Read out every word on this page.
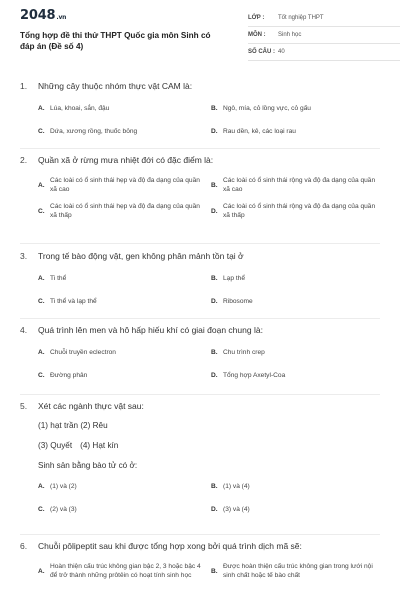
2048.vn
Tổng hợp đề thi thử THPT Quốc gia môn Sinh có đáp án (Đề số 4)
LỚP :	Tốt nghiệp THPT
MÔN :	Sinh học
SỐ CÂU : 40
1.	Những cây thuộc nhóm thực vật CAM là:
A. Lúa, khoai, sắn, đậu	B. Ngô, mía, cỏ lồng vực, cỏ gấu
C. Dứa, xương rồng, thuốc bỏng	D. Rau dền, kê, các loại rau
2.	Quần xã ở rừng mưa nhiệt đới có đặc điểm là:
A.
Các loài có ổ sinh thái hẹp và độ đa dạng của quần xã cao
B.
Các loài có ổ sinh thái rộng và độ đa dạng của quần xã cao
C.
Các loài có ổ sinh thái hẹp và độ đa dạng của quần xã thấp
D.
Các loài có ổ sinh thái rộng và độ đa dạng của quần xã thấp
3.	Trong tế bào động vật, gen không phân mảnh tồn tại ở
A. Ti thể	B. Lạp thể
C. Ti thể và lạp thể	D. Ribosome
4.	Quá trình lên men và hô hấp hiếu khí có giai đoạn chung là:
A. Chuỗi truyền eclectron	B. Chu trình crep
C. Đường phân	D. Tổng hợp Axetyl-Coa
5.	Xét các ngành thực vật sau:
(1) hạt trần (2) Rêu
(3) Quyết (4) Hạt kín
Sinh sản bằng bào tử có ở:
A. (1) và (2)	B. (1) và (4)
C. (2) và (3)	D. (3) và (4)
6.	Chuỗi pôlipeptit sau khi được tổng hợp xong bởi quá trình dịch mã sẽ:
A.
Hoàn thiện cấu trúc không gian bậc 2, 3 hoặc bậc 4 để trở thành những prôtêin có hoạt tính sinh học
B.
Được hoàn thiện cấu trúc không gian trong lưới nội sinh chất hoặc tế bào chất
